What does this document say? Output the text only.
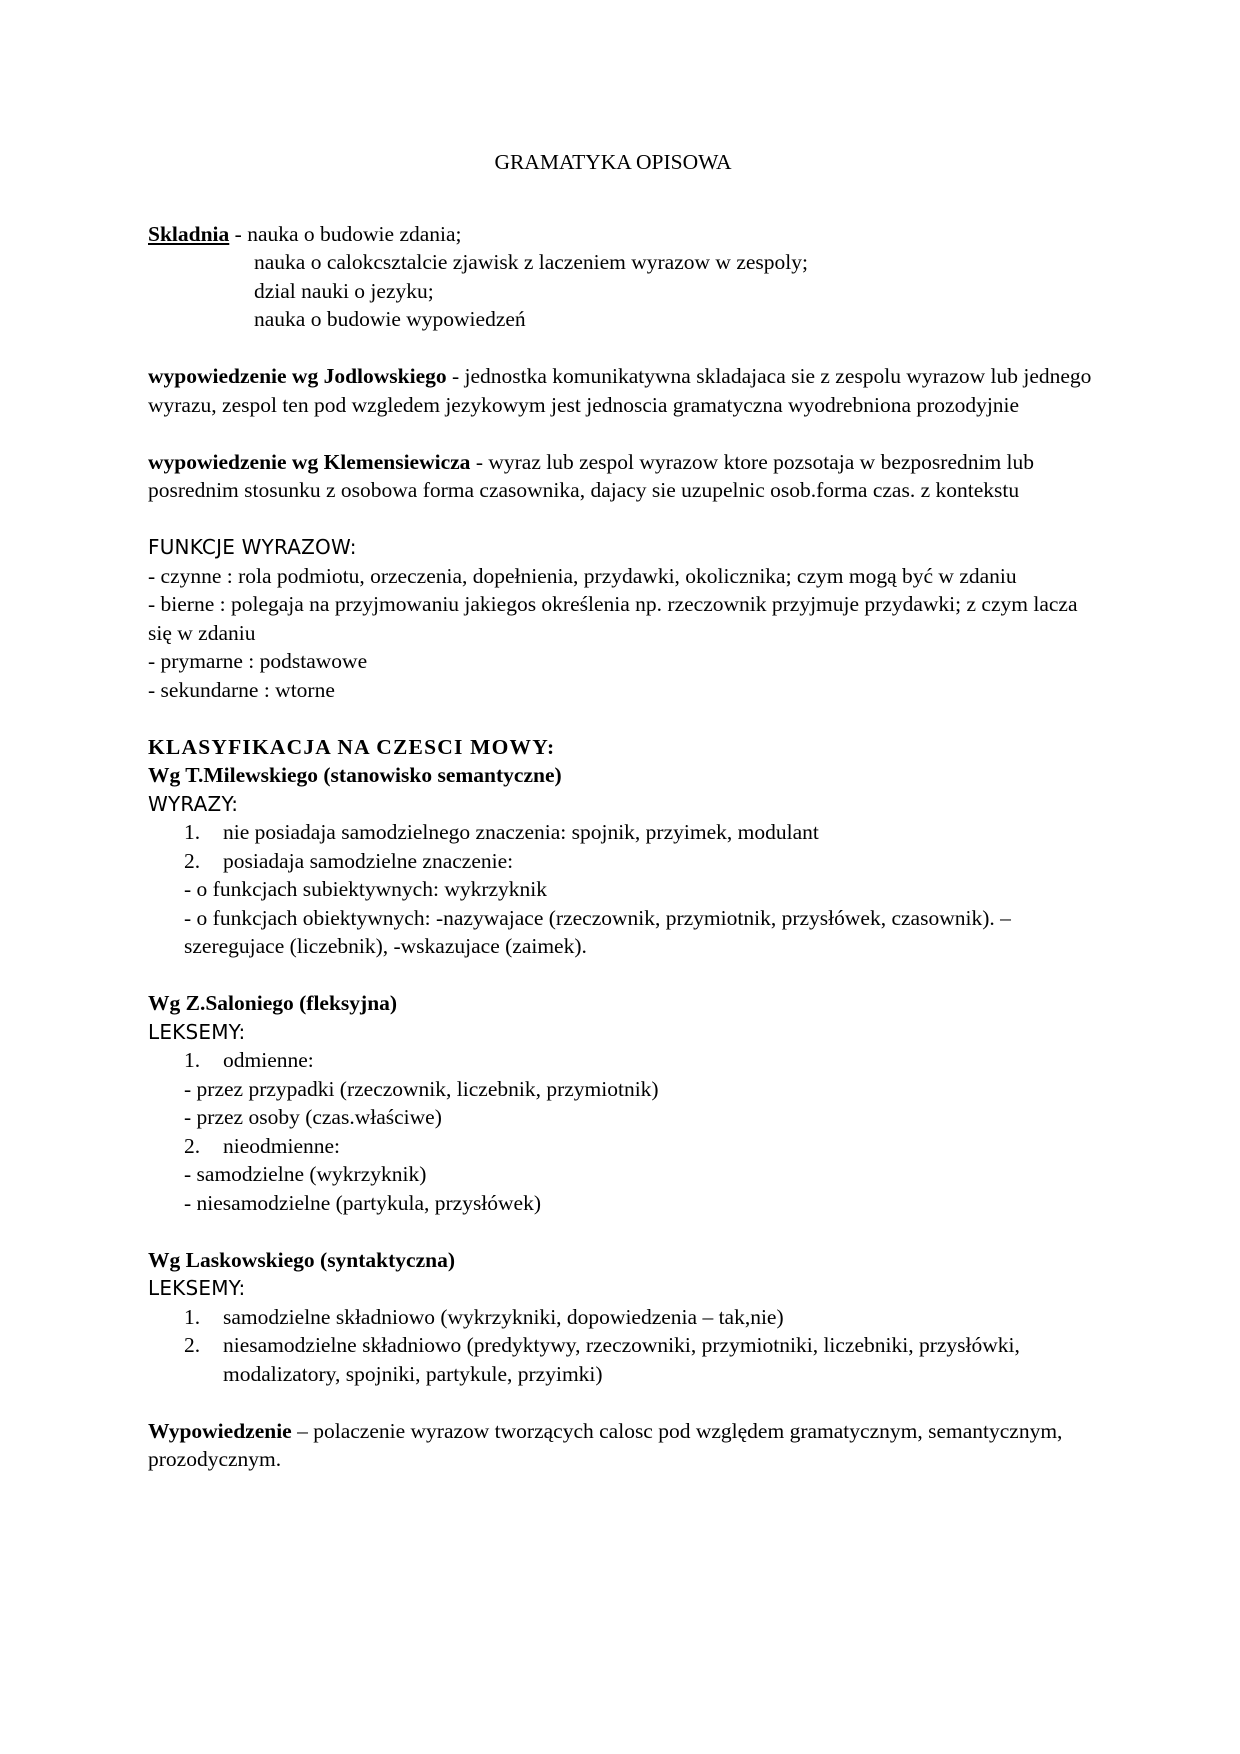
GRAMATYKA OPISOWA

Skladnia - nauka o budowie zdania;

nauka o calokcsztalcie zjawisk z laczeniem wyrazow w zespoly;

dzial nauki o jezyku;

nauka o budowie wypowiedzeń

wypowiedzenie wg Jodlowskiego - jednostka komunikatywna skladajaca sie z zespolu wyrazow lub jednego wyrazu, zespol ten pod wzgledem jezykowym jest jednoscia gramatyczna wyodrebniona prozodyjnie

wypowiedzenie wg Klemensiewicza - wyraz lub zespol wyrazow ktore pozsotaja w bezposrednim lub posrednim stosunku z osobowa forma czasownika, dajacy sie uzupelnic osob.forma czas. z kontekstu

FUNKCJE WYRAZOW:

- czynne : rola podmiotu, orzeczenia, dopełnienia, przydawki, okolicznika; czym mogą być w zdaniu

- bierne : polegaja na przyjmowaniu jakiegos określenia np. rzeczownik przyjmuje przydawki; z czym lacza się w zdaniu

- prymarne : podstawowe

- sekundarne : wtorne

KLASYFIKACJA NA CZESCI MOWY:

Wg T.Milewskiego (stanowisko semantyczne)

WYRAZY:

1. nie posiadaja samodzielnego znaczenia: spojnik, przyimek, modulant
2. posiadaja samodzielne znaczenie:

- o funkcjach subiektywnych: wykrzyknik

- o funkcjach obiektywnych: -nazywajace (rzeczownik, przymiotnik, przysłówek, czasownik). –szeregujace (liczebnik), -wskazujace (zaimek).

Wg Z.Saloniego (fleksyjna)

LEKSEMY:

1. odmienne:

- przez przypadki (rzeczownik, liczebnik, przymiotnik)

- przez osoby (czas.właściwe)

2. nieodmienne:

- samodzielne (wykrzyknik)

- niesamodzielne (partykula, przysłówek)

Wg Laskowskiego (syntaktyczna)

LEKSEMY:

1. samodzielne składniowo (wykrzykniki, dopowiedzenia – tak,nie)
2. niesamodzielne składniowo (predyktywy, rzeczowniki, przymiotniki, liczebniki, przysłówki, modalizatory, spojniki, partykule, przyimki)

Wypowiedzenie – polaczenie wyrazow tworzących calosc pod względem gramatycznym, semantycznym, prozodycznym.
